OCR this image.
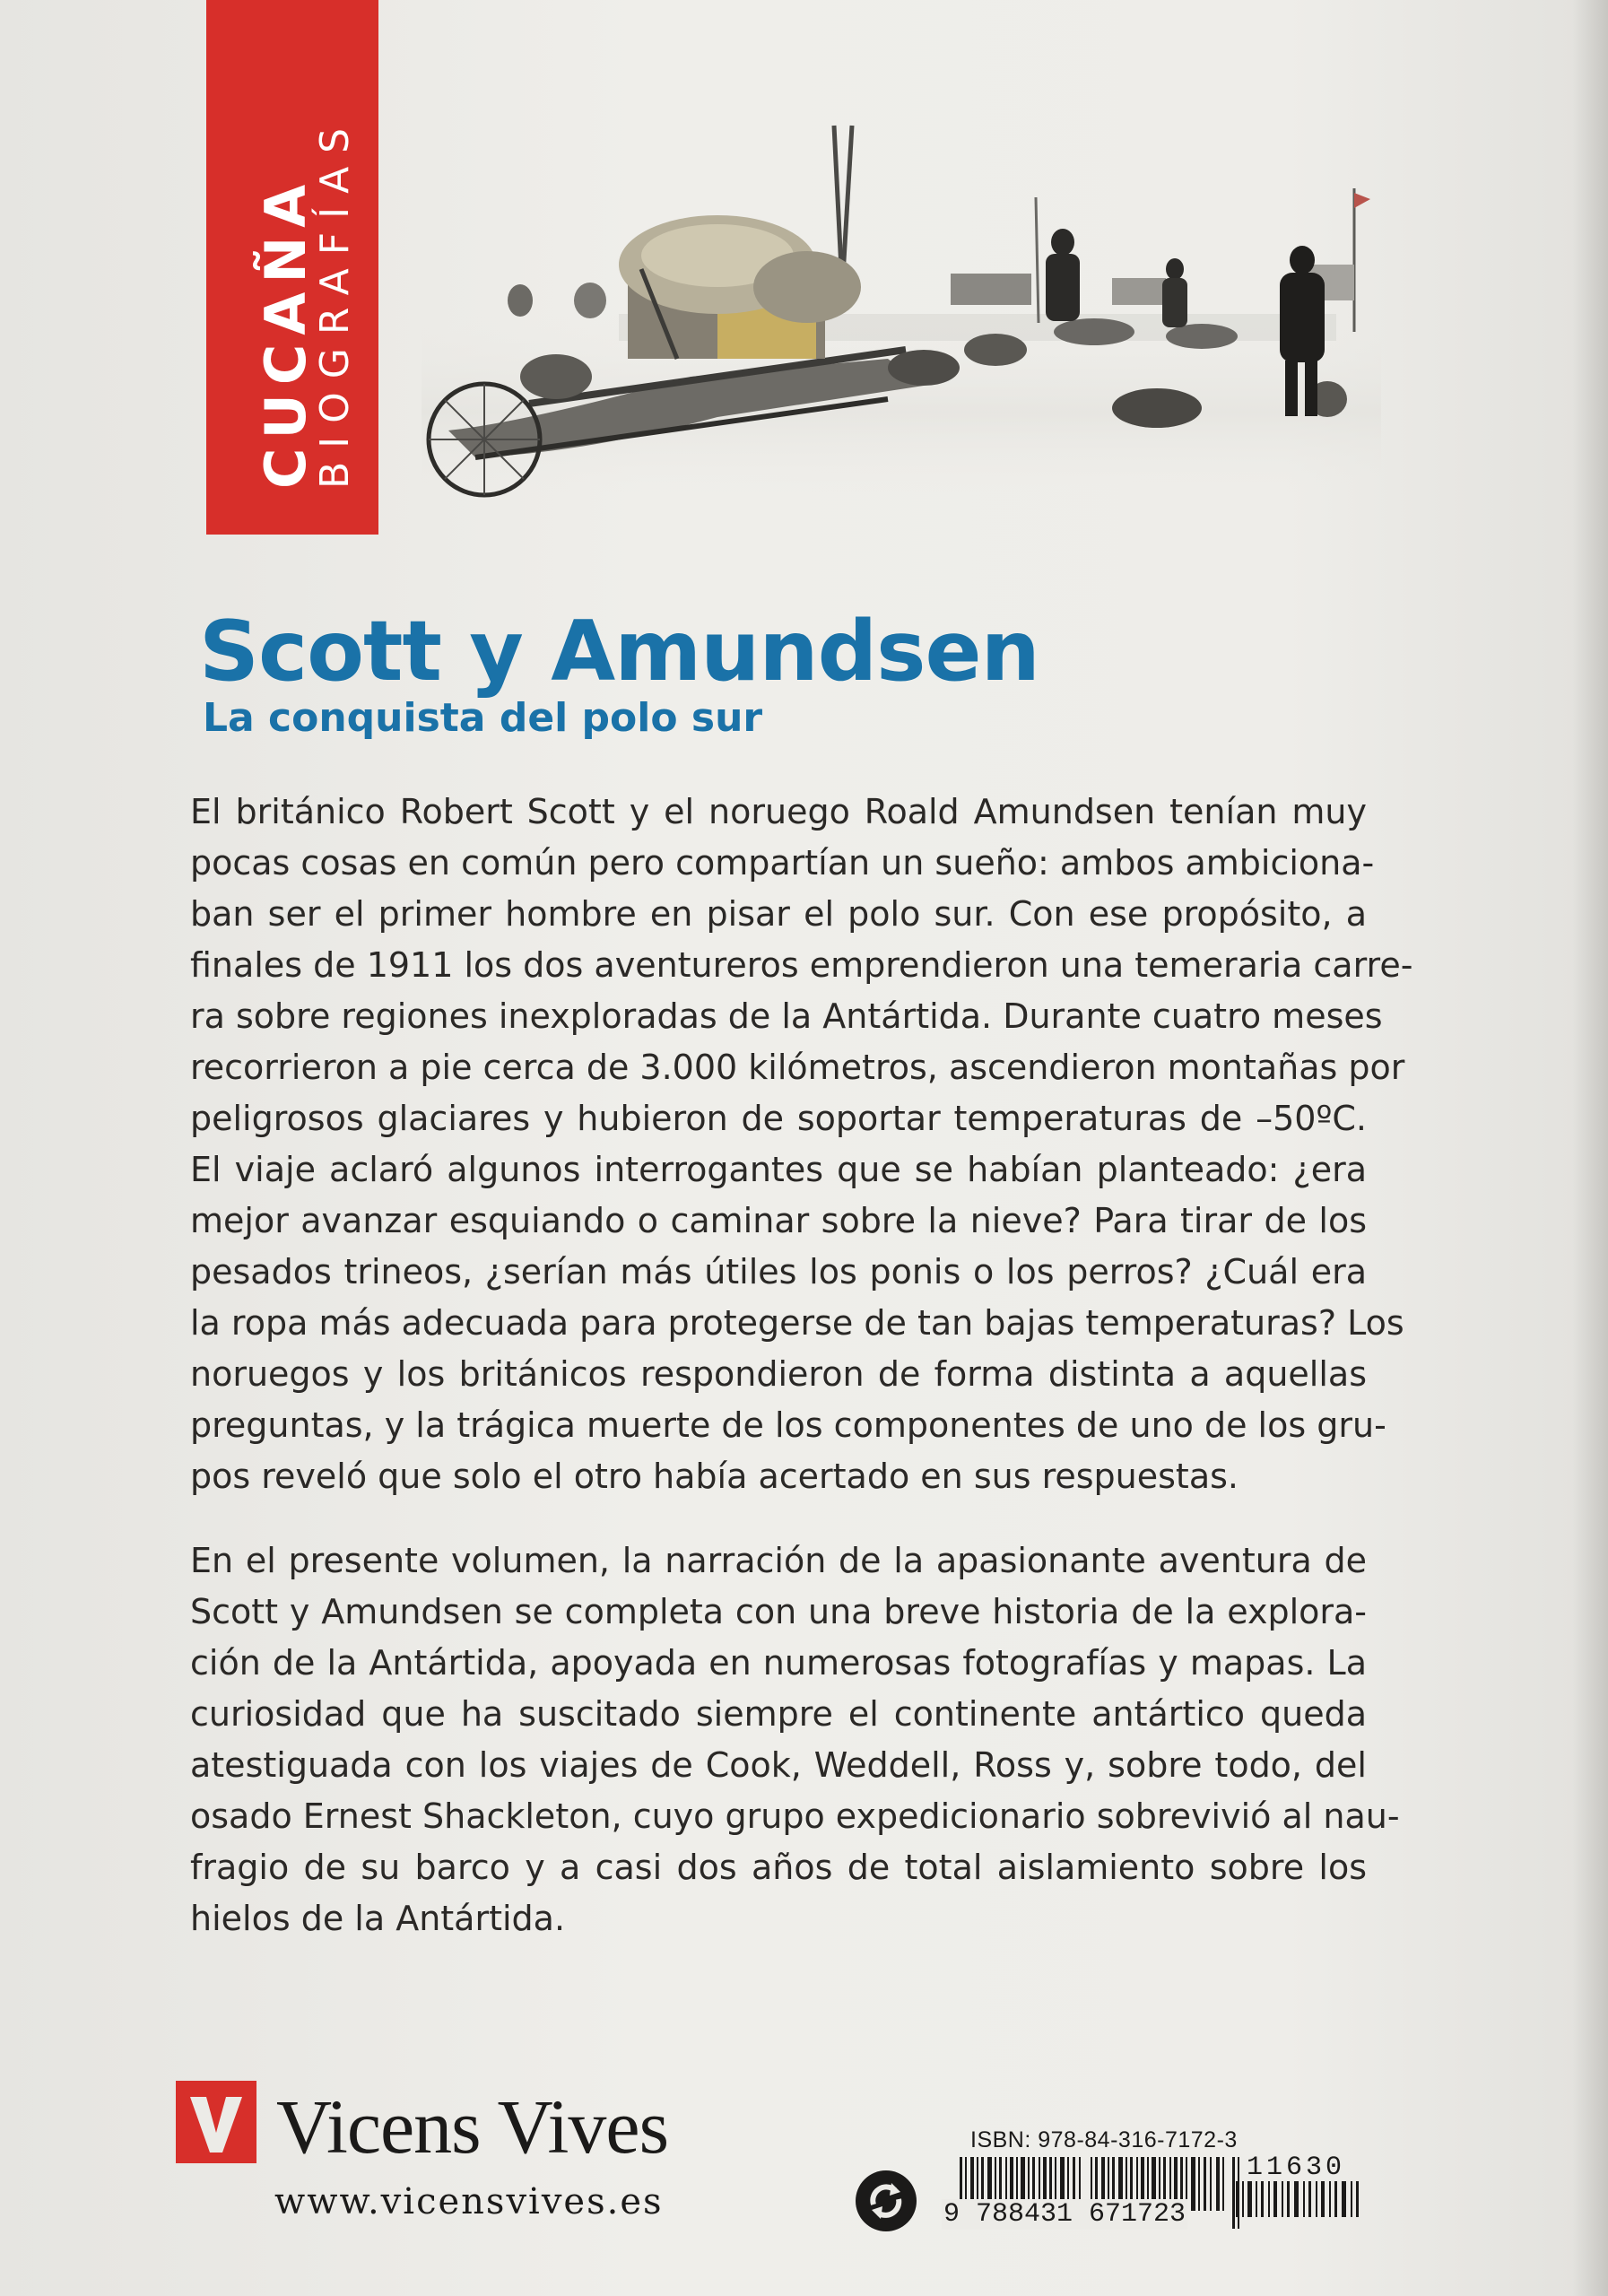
CUCAÑA
BIOGRAFÍAS
Scott y Amundsen
La conquista del polo sur
El británico Robert Scott y el noruego Roald Amundsen tenían muy
pocas cosas en común pero compartían un sueño: ambos ambiciona-
ban ser el primer hombre en pisar el polo sur. Con ese propósito, a
finales de 1911 los dos aventureros emprendieron una temeraria carre-
ra sobre regiones inexploradas de la Antártida. Durante cuatro meses
recorrieron a pie cerca de 3.000 kilómetros, ascendieron montañas por
peligrosos glaciares y hubieron de soportar temperaturas de –50ºC.
El viaje aclaró algunos interrogantes que se habían planteado: ¿era
mejor avanzar esquiando o caminar sobre la nieve? Para tirar de los
pesados trineos, ¿serían más útiles los ponis o los perros? ¿Cuál era
la ropa más adecuada para protegerse de tan bajas temperaturas? Los
noruegos y los británicos respondieron de forma distinta a aquellas
preguntas, y la trágica muerte de los componentes de uno de los gru-
pos reveló que solo el otro había acertado en sus respuestas.
En el presente volumen, la narración de la apasionante aventura de
Scott y Amundsen se completa con una breve historia de la explora-
ción de la Antártida, apoyada en numerosas fotografías y mapas. La
curiosidad que ha suscitado siempre el continente antártico queda
atestiguada con los viajes de Cook, Weddell, Ross y, sobre todo, del
osado Ernest Shackleton, cuyo grupo expedicionario sobrevivió al nau-
fragio de su barco y a casi dos años de total aislamiento sobre los
hielos de la Antártida.
Vicens Vives
www.vicensvives.es
ISBN: 978-84-316-7172-3
11630
9 788431 671723
